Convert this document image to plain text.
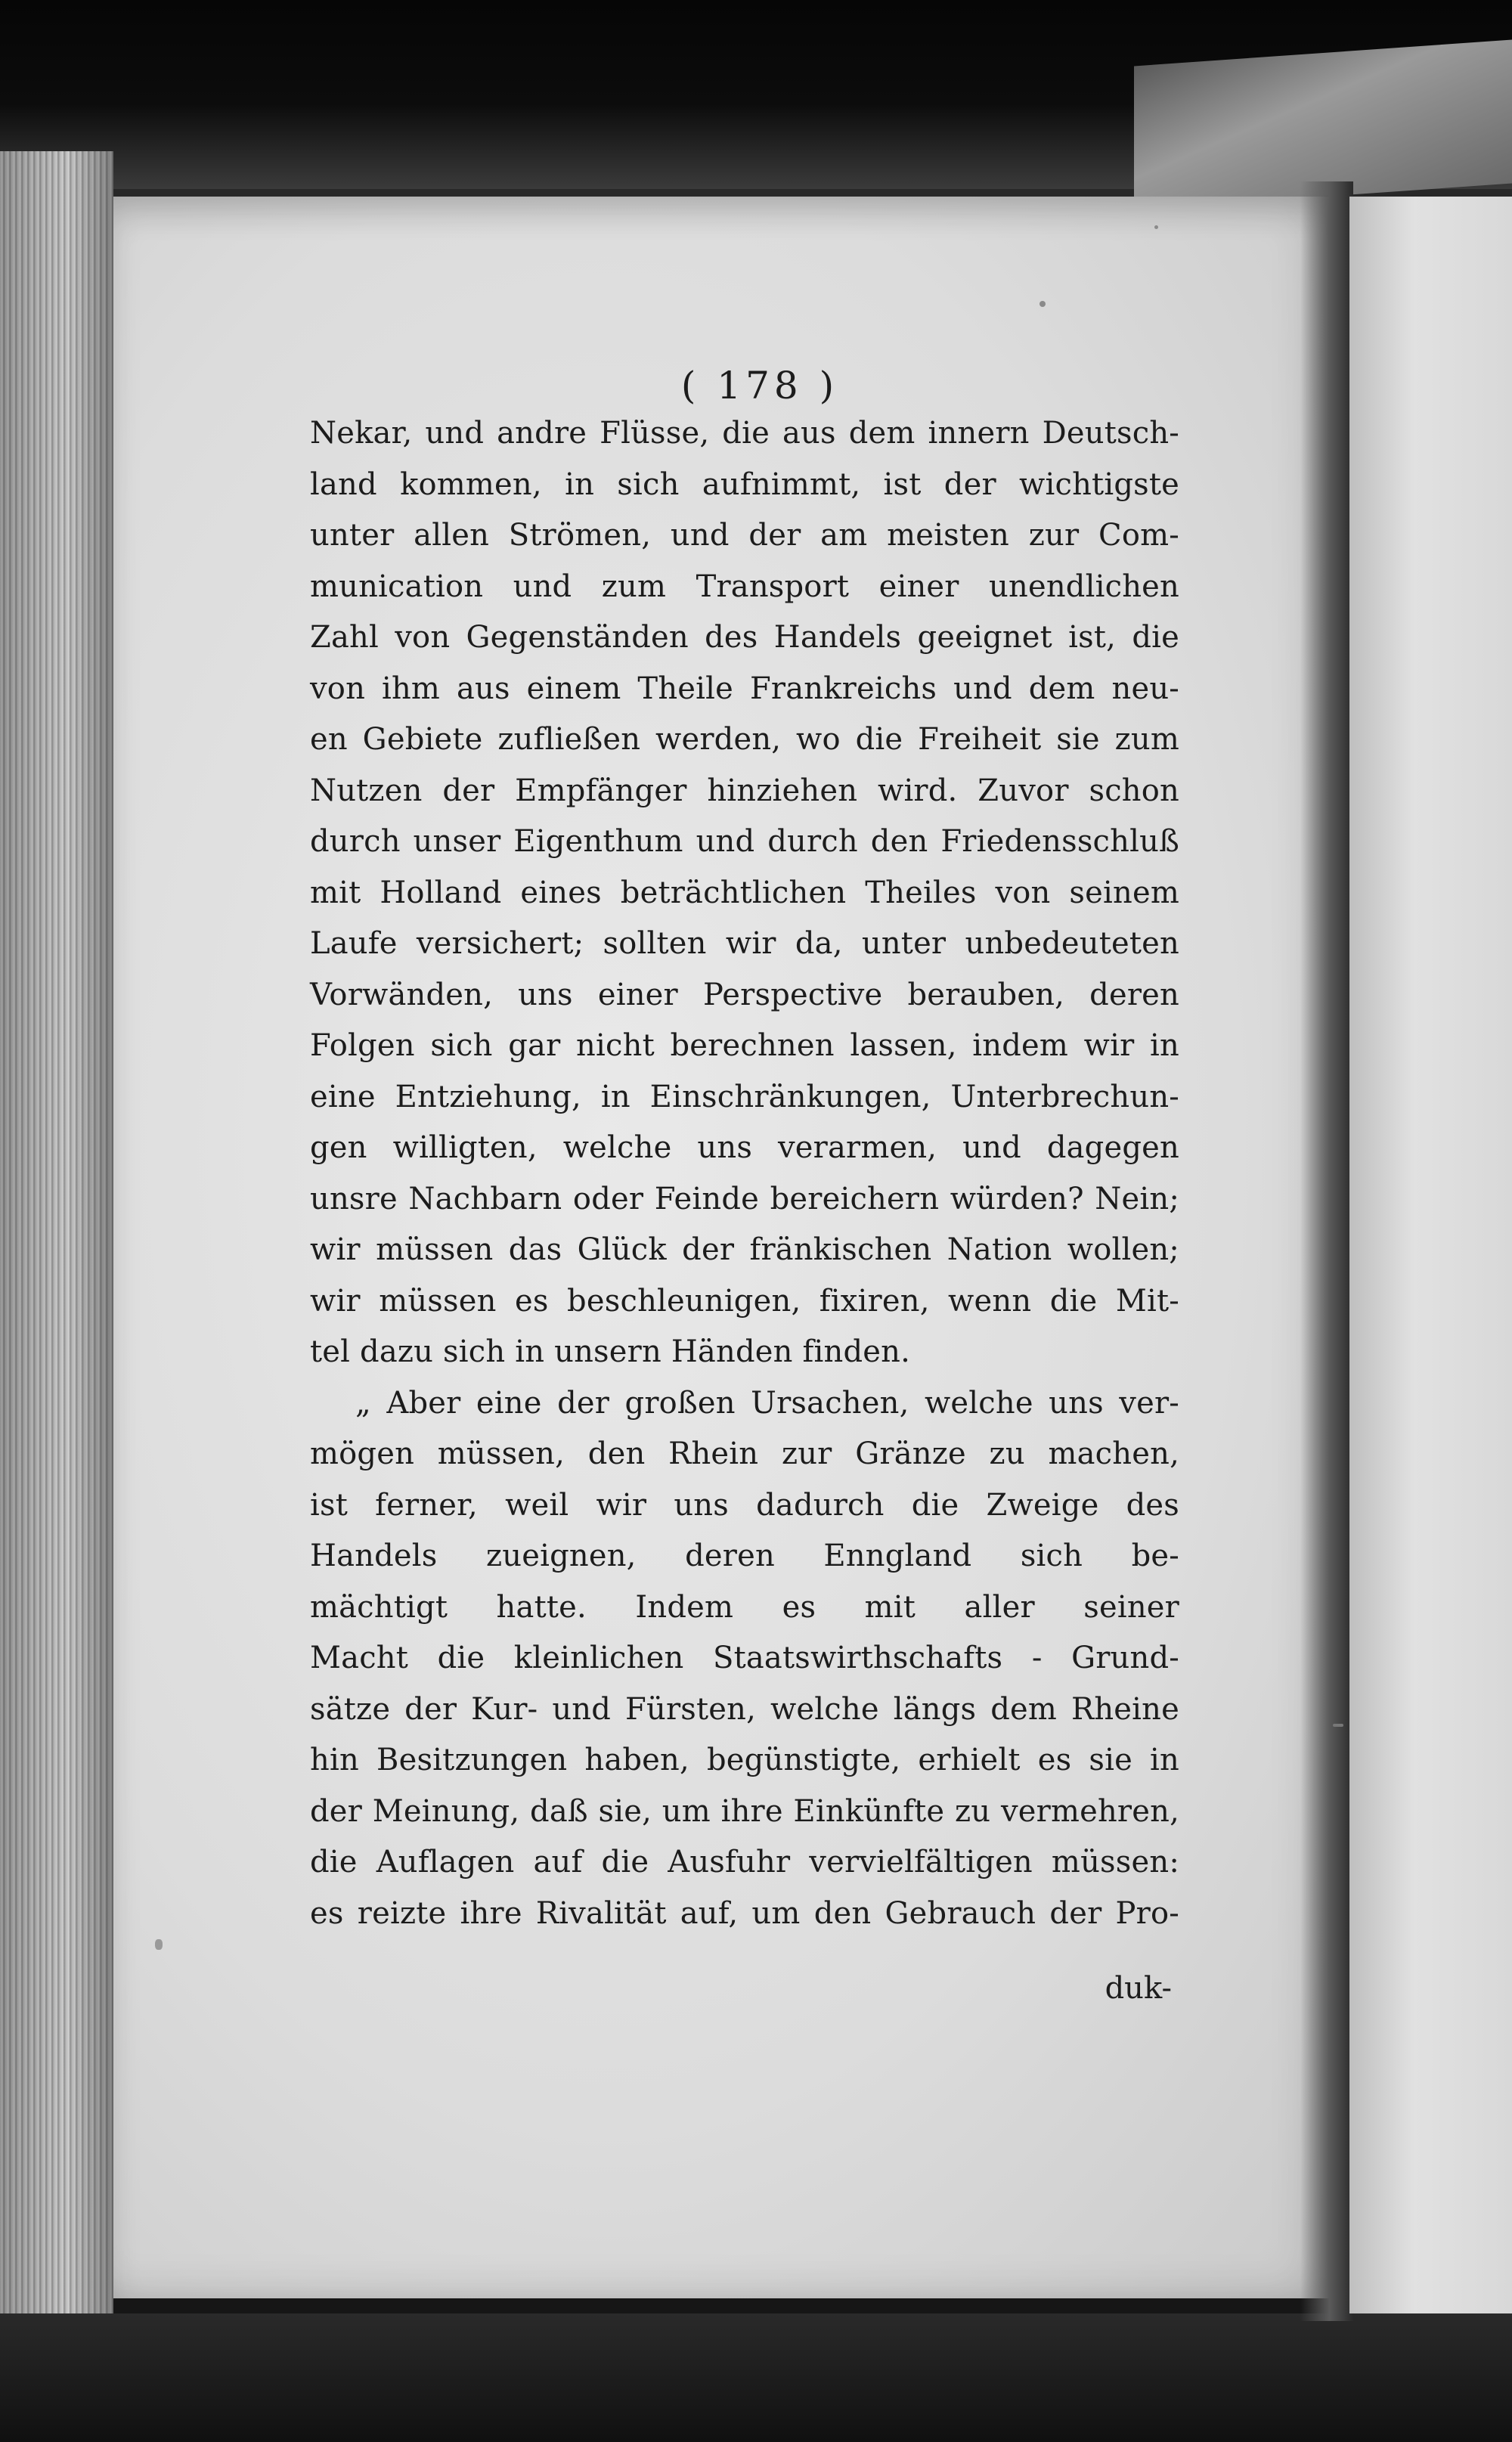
( 178 )
Nekar, und andre Flüsse, die aus dem innern Deutsch-
land kommen, in sich aufnimmt, ist der wichtigste
unter allen Strömen, und der am meisten zur Com-
munication und zum Transport einer unendlichen
Zahl von Gegenständen des Handels geeignet ist, die
von ihm aus einem Theile Frankreichs und dem neu-
en Gebiete zufließen werden, wo die Freiheit sie zum
Nutzen der Empfänger hinziehen wird. Zuvor schon
durch unser Eigenthum und durch den Friedensschluß
mit Holland eines beträchtlichen Theiles von seinem
Laufe versichert; sollten wir da, unter unbedeuteten
Vorwänden, uns einer Perspective berauben, deren
Folgen sich gar nicht berechnen lassen, indem wir in
eine Entziehung, in Einschränkungen, Unterbrechun-
gen willigten, welche uns verarmen, und dagegen
unsre Nachbarn oder Feinde bereichern würden? Nein;
wir müssen das Glück der fränkischen Nation wollen;
wir müssen es beschleunigen, fixiren, wenn die Mit-
tel dazu sich in unsern Händen finden.
„ Aber eine der großen Ursachen, welche uns ver-
mögen müssen, den Rhein zur Gränze zu machen,
ist ferner, weil wir uns dadurch die Zweige des
Handels zueignen, deren Enngland sich be-
mächtigt hatte. Indem es mit aller seiner
Macht die kleinlichen Staatswirthschafts - Grund-
sätze der Kur- und Fürsten, welche längs dem Rheine
hin Besitzungen haben, begünstigte, erhielt es sie in
der Meinung, daß sie, um ihre Einkünfte zu vermehren,
die Auflagen auf die Ausfuhr vervielfältigen müssen:
es reizte ihre Rivalität auf, um den Gebrauch der Pro-
duk-
